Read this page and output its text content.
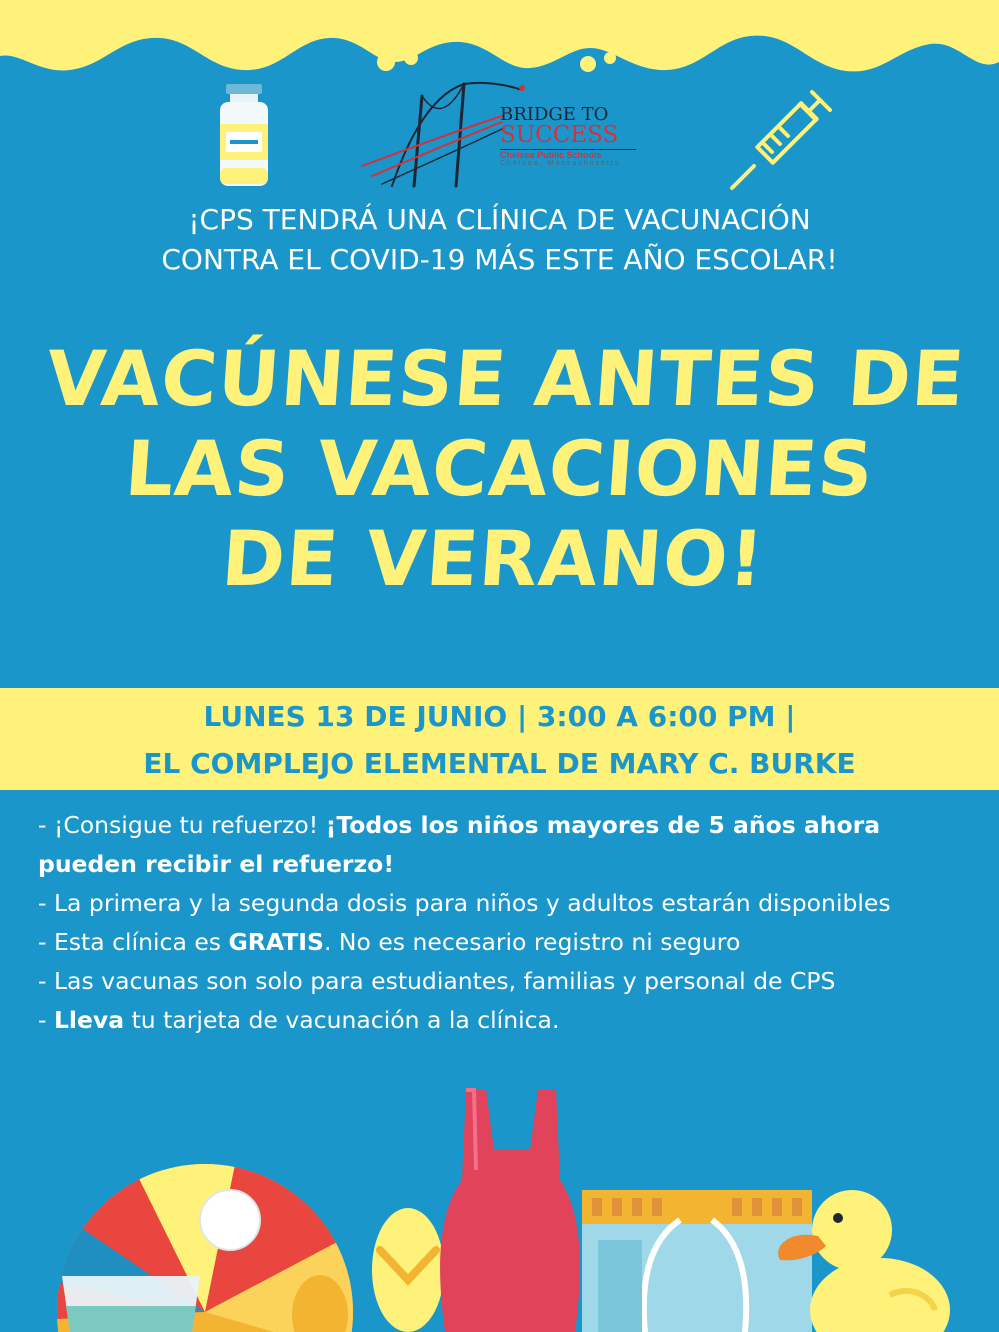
BRIDGE TO
SUCCESS
Chelsea Public Schools
Chelsea, Massachusetts
¡CPS TENDRÁ UNA CLÍNICA DE VACUNACIÓN
CONTRA EL COVID-19 MÁS ESTE AÑO ESCOLAR!
VACÚNESE ANTES DE
LAS VACACIONES
DE VERANO!
LUNES 13 DE JUNIO | 3:00 A 6:00 PM |
EL COMPLEJO ELEMENTAL DE MARY C. BURKE

- ¡Consigue tu refuerzo! ¡Todos los niños mayores de 5 años ahora pueden recibir el refuerzo!

- La primera y la segunda dosis para niños y adultos estarán disponibles

- Esta clínica es GRATIS. No es necesario registro ni seguro

- Las vacunas son solo para estudiantes, familias y personal de CPS

- Lleva tu tarjeta de vacunación a la clínica.
